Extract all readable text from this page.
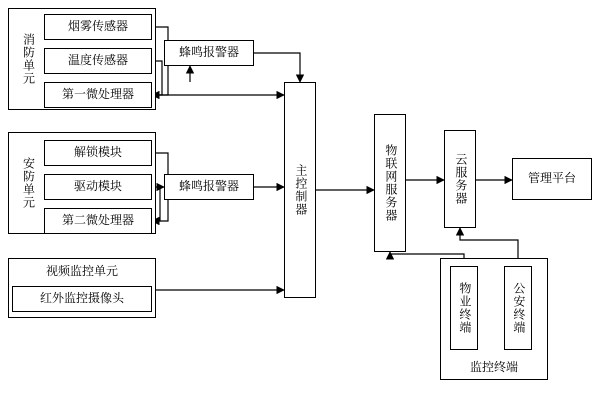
消防单元
安防单元
视频监控单元
监控终端
烟雾传感器
温度传感器
第一微处理器
蜂鸣报警器
解锁模块
驱动模块
第二微处理器
蜂鸣报警器
红外监控摄像头
主控制器	物联网服务器	云服务器	管理平台
物业终端	公安终端
